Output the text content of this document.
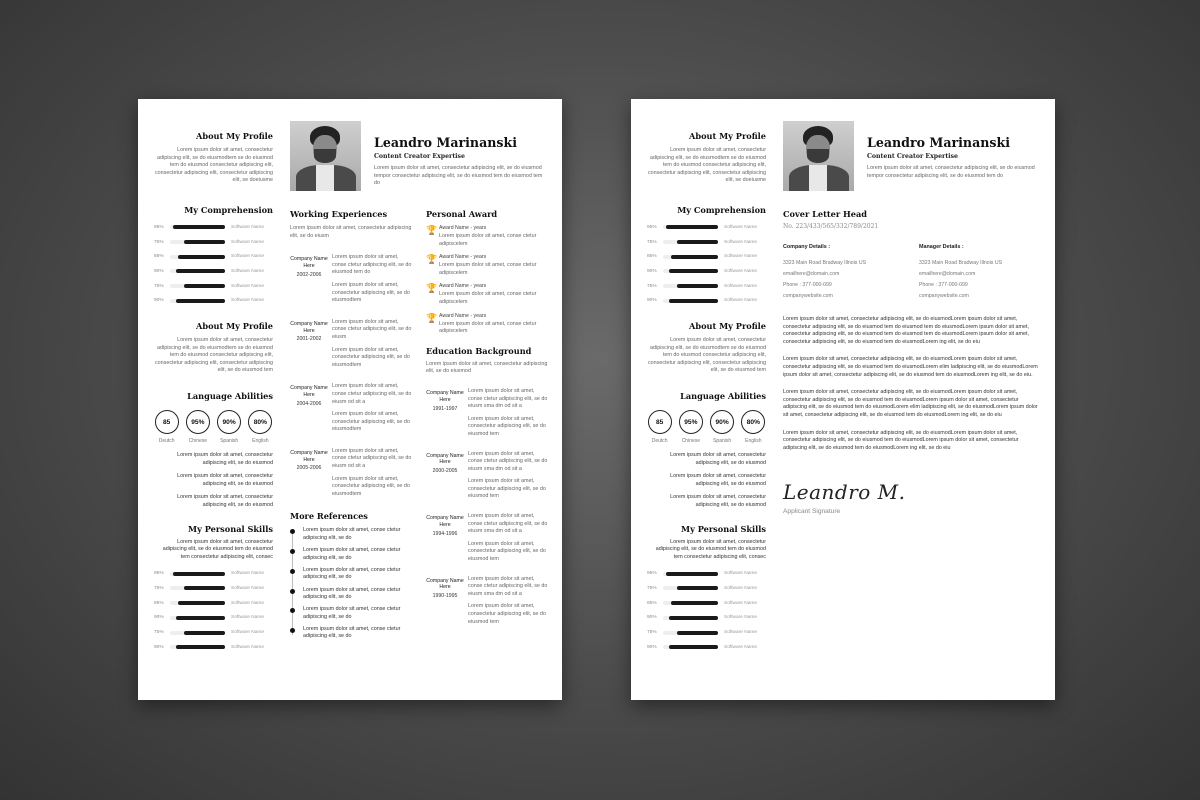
About My Profile
Lorem ipsum dolor sit amet, consectetur adipiscing elit, se do eiusmodtem se do eiusmod tem do eiusmod consectetur adipiscing elit, consectetur adipiscing elit, consectetur adipiscing elit, se doeiusme
My Comprehension
95%	Software Name
75%	Software Name
85%	Software Name
90%	Software Name
75%	Software Name
90%	Software Name
About My Profile
Lorem ipsum dolor sit amet, consectetur adipiscing elit, se do eiusmodtem se do eiusmod tem do eiusmod consectetur adipiscing elit, consectetur adipiscing elit, consectetur adipiscing elit, se do eiusmod tem
Language Abilities
85
Deutch
95%
Chinese
90%
Spanish
80%
English
Lorem ipsum dolor sit amet, consectetur adipiscing elit, se do eiusmod
Lorem ipsum dolor sit amet, consectetur adipiscing elit, se do eiusmod
Lorem ipsum dolor sit amet, consectetur adipiscing elit, se do eiusmod
My Personal Skills
Lorem ipsum dolor sit amet, consectetur adipiscing elit, se do eiusmod tem do eiusmod tem consectetur adipiscing elit, consec
95%	Software Name
75%	Software Name
85%	Software Name
90%	Software Name
75%	Software Name
90%	Software Name
Leandro Marinanski
Content Creator Expertise
Lorem ipsum dolor sit amet, consectetur adipiscing elit, se do eiusmod tempor consectetur adipiscing elit, se do eiusmod tem do eiusmod tem do
Working Experiences
Lorem ipsum dolor sit amet, consectetur adipiscing elit, se do eiusm
Company Name Here
2002-2006
Lorem ipsum dolor sit amet, conse ctetur adipiscing elit, se do eiusmod tem do
Lorem ipsum dolor sit amet, consectetur adipiscing elit, se do eiusmodtem
Company Name Here
2001-2002
Lorem ipsum dolor sit amet, conse ctetur adipiscing elit, se do eiusm
Lorem ipsum dolor sit amet, consectetur adipiscing elit, se do eiusmodtem
Company Name Here
2004-2006
Lorem ipsum dolor sit amet, conse ctetur adipiscing elit, se do eiusm od sit a
Lorem ipsum dolor sit amet, consectetur adipiscing elit, se do eiusmodtem
Company Name Here
2005-2006
Lorem ipsum dolor sit amet, conse ctetur adipiscing elit, se do eiusm od sit a
Lorem ipsum dolor sit amet, consectetur adipiscing elit, se do eiusmodtem
More References
Lorem ipsum dolor sit amet, conse ctetur adipiscing elit, se do
Lorem ipsum dolor sit amet, conse ctetur adipiscing elit, se do
Lorem ipsum dolor sit amet, conse ctetur adipiscing elit, se do
Lorem ipsum dolor sit amet, conse ctetur adipiscing elit, se do
Lorem ipsum dolor sit amet, conse ctetur adipiscing elit, se do
Lorem ipsum dolor sit amet, conse ctetur adipiscing elit, se do
Personal Award
🏆 Award Name - years
Lorem ipsum dolor sit amet, conse ctetur adipiscelem
🏆 Award Name - years
Lorem ipsum dolor sit amet, conse ctetur adipiscelem
🏆 Award Name - years
Lorem ipsum dolor sit amet, conse ctetur adipiscelem
🏆 Award Name - years
Lorem ipsum dolor sit amet, conse ctetur adipiscelem
Education Background
Lorem ipsum dolor sit amet, consectetur adipiscing elit, se do eiusmod
Company Name Here
1991-1997
Lorem ipsum dolor sit amet, conse ctetur adipiscing elit, se do eiusm sma dm od sit a
Lorem ipsum dolor sit amet, consectetur adipiscing elit, se do eiusmod tem
Company Name Here
2000-2005
Lorem ipsum dolor sit amet, conse ctetur adipiscing elit, se do eiusm sma dm od sit a
Lorem ipsum dolor sit amet, consectetur adipiscing elit, se do eiusmod tem
Company Name Here
1994-1996
Lorem ipsum dolor sit amet, conse ctetur adipiscing elit, se do eiusm sma dm od sit a
Lorem ipsum dolor sit amet, consectetur adipiscing elit, se do eiusmod tem
Company Name Here
1990-1995
Lorem ipsum dolor sit amet, conse ctetur adipiscing elit, se do eiusm sma dm od sit a
Lorem ipsum dolor sit amet, consectetur adipiscing elit, se do eiusmod tem
About My Profile
Lorem ipsum dolor sit amet, consectetur adipiscing elit, se do eiusmodtem se do eiusmod tem do eiusmod consectetur adipiscing elit, consectetur adipiscing elit, consectetur adipiscing elit, se doeiusme
My Comprehension
95%	Software Name
75%	Software Name
85%	Software Name
90%	Software Name
75%	Software Name
90%	Software Name
About My Profile
Lorem ipsum dolor sit amet, consectetur adipiscing elit, se do eiusmodtem se do eiusmod tem do eiusmod consectetur adipiscing elit, consectetur adipiscing elit, consectetur adipiscing elit, se do eiusmod tem
Language Abilities
85
Deutch
95%
Chinese
90%
Spanish
80%
English
Lorem ipsum dolor sit amet, consectetur adipiscing elit, se do eiusmod
Lorem ipsum dolor sit amet, consectetur adipiscing elit, se do eiusmod
Lorem ipsum dolor sit amet, consectetur adipiscing elit, se do eiusmod
My Personal Skills
Lorem ipsum dolor sit amet, consectetur adipiscing elit, se do eiusmod tem do eiusmod tem consectetur adipiscing elit, consec
95%	Software Name
75%	Software Name
85%	Software Name
90%	Software Name
75%	Software Name
90%	Software Name
Leandro Marinanski
Content Creator Expertise
Lorem ipsum dolor sit amet, consectetur adipiscing elit, se do eiusmod tempor consectetur adipiscing elit, se do eiusmod tem do
Cover Letter Head
No. 223/433/565/332/789/2021
Company Details :
3323 Main Road Bradway Illnois US
emailhere@domain.com
Phone : 377-000-099
companywebsite.com
Manager Details :
3323 Main Road Bradway Illnois US
emailhere@domain.com
Phone : 377-000-099
companywebsite.com
Lorem ipsum dolor sit amet, consectetur adipiscing elit, se do eiusmodLorem ipsum dolor sit amet, consectetur adipiscing elit, se do eiusmod tem do eiusmod tem do eiusmodLorem ipsum dolor sit amet, consectetur adipiscing elit, se do eiusmod tem do eiusmod tem do eiusmodLorem ipsum dolor sit amet, consectetur adipiscing elit, se do eiusmod tem do eiusmodLorem ing elit, se do eiu
Lorem ipsum dolor sit amet, consectetur adipiscing elit, se do eiusmodLorem ipsum dolor sit amet, consectetur adipiscing elit, se do eiusmod tem do eiusmodLorem elim ladipiscing elit, se do eiusmodLorem ipsum dolor sit amet, consectetur adipiscing elit, se do eiusmod tem do eiusmodLorem ing elit, se do eiu.
Lorem ipsum dolor sit amet, consectetur adipiscing elit, se do eiusmodLorem ipsum dolor sit amet, consectetur adipiscing elit, se do eiusmod tem do eiusmodLorem ipsum dolor sit amet, consectetur adipiscing elit, se do eiusmod tem do eiusmodLorem elim ladipiscing elit, se do eiusmodLorem ipsum dolor sit amet, consectetur adipiscing elit, se do eiusmod tem do eiusmodLorem ing elit, se do eiu
Lorem ipsum dolor sit amet, consectetur adipiscing elit, se do eiusmodLorem ipsum dolor sit amet, consectetur adipiscing elit, se do eiusmod tem do eiusmodLorem ipsum dolor sit amet, consectetur adipiscing elit, se do eiusmod tem do eiusmodLorem ing elit, se do eiu
Leandro M.
Applicant Signature
